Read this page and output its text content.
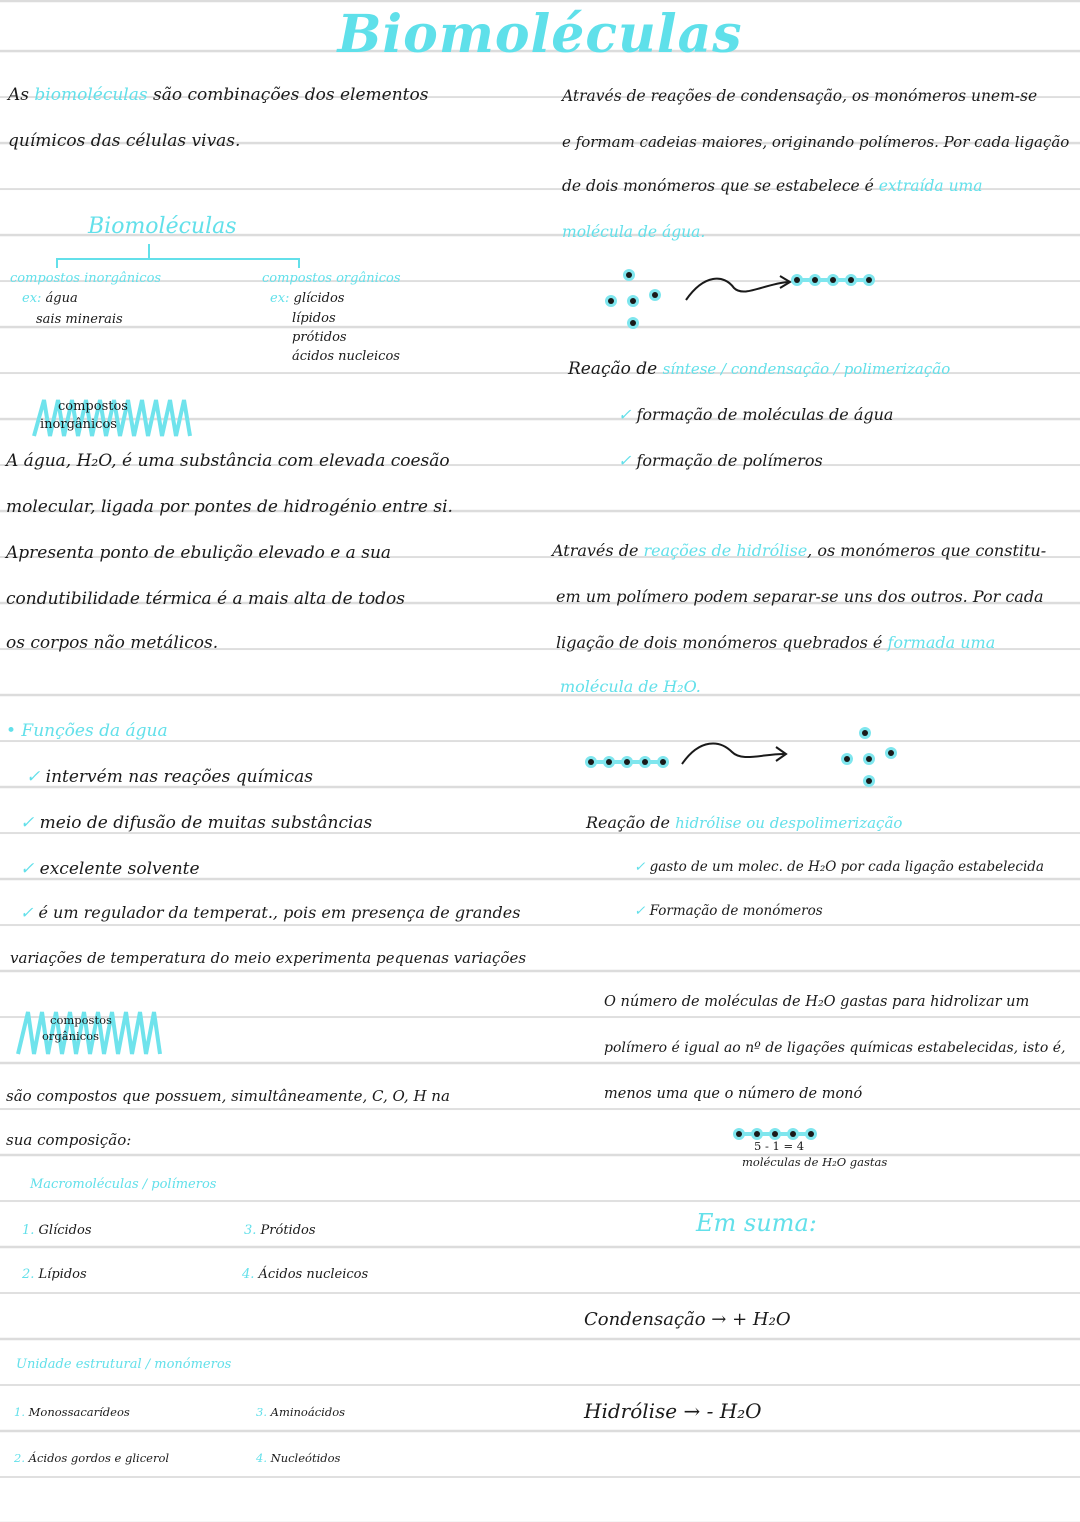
Biomoléculas
As biomoléculas são combinações dos elementos
químicos das células vivas.
Biomoléculas
compostos inorgânicos
ex: água
sais minerais
compostos orgânicos
ex: glícidos
lípidos
prótidos
ácidos nucleicos
compostos
inorgânicos
A água, H₂O, é uma substância com elevada coesão
molecular, ligada por pontes de hidrogénio entre si.
Apresenta ponto de ebulição elevado e a sua
condutibilidade térmica é a mais alta de todos
os corpos não metálicos.
• Funções da água
✓ intervém nas reações químicas
✓ meio de difusão de muitas substâncias
✓ excelente solvente
✓ é um regulador da temperat., pois em presença de grandes
variações de temperatura do meio experimenta pequenas variações
compostos
orgânicos
são compostos que possuem, simultâneamente, C, O, H na
sua composição:
Macromoléculas / polímeros
1. Glícidos
2. Lípidos
3. Prótidos
4. Ácidos nucleicos
Unidade estrutural / monómeros
1. Monossacarídeos
2. Ácidos gordos e glicerol
3. Aminoácidos
4. Nucleótidos
Através de reações de condensação, os monómeros unem-se
e formam cadeias maiores, originando polímeros. Por cada ligação
de dois monómeros que se estabelece é extraída uma
molécula de água.
Reação de síntese / condensação / polimerização
✓ formação de moléculas de água
✓ formação de polímeros
Através de reações de hidrólise, os monómeros que constitu-
em um polímero podem separar-se uns dos outros. Por cada
ligação de dois monómeros quebrados é formada uma
molécula de H₂O.
Reação de hidrólise ou despolimerização
✓ gasto de um molec. de H₂O por cada ligação estabelecida
✓ Formação de monómeros
O número de moléculas de H₂O gastas para hidrolizar um
polímero é igual ao nº de ligações químicas estabelecidas, isto é,
menos uma que o número de monó
5 - 1 = 4
moléculas de H₂O gastas
Em suma:
Condensação → + H₂O
Hidrólise → - H₂O
